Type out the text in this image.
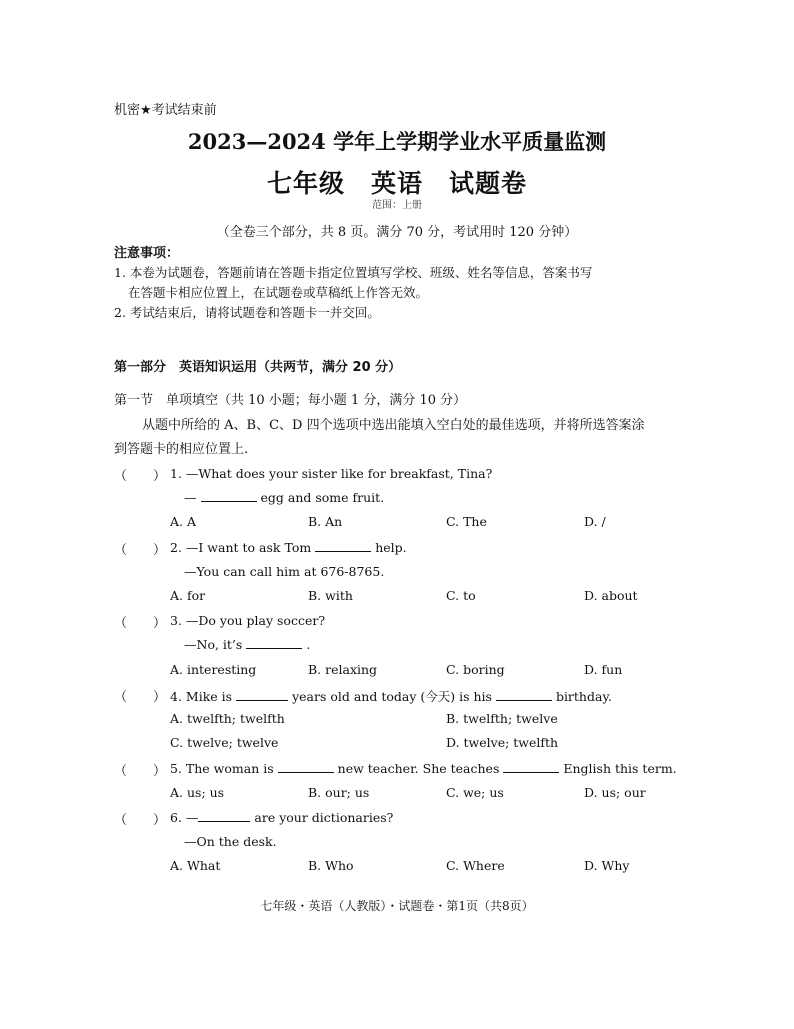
机密★考试结束前
2023—2024 学年上学期学业水平质量监测
七年级　英语　试题卷
范围：上册
（全卷三个部分，共 8 页。满分 70 分，考试用时 120 分钟）
注意事项：
1. 本卷为试题卷，答题前请在答题卡指定位置填写学校、班级、姓名等信息，答案书写
在答题卡相应位置上，在试题卷或草稿纸上作答无效。
2. 考试结束后，请将试题卷和答题卡一并交回。
第一部分　英语知识运用（共两节，满分 20 分）
第一节　单项填空（共 10 小题；每小题 1 分，满分 10 分）
从题中所给的 A、B、C、D 四个选项中选出能填入空白处的最佳选项，并将所选答案涂
到答题卡的相应位置上.
（　　） 1. —What does your sister like for breakfast, Tina?
—	egg and some fruit.
A. A	B. An	C. The	D. /
（　　） 2. —I want to ask Tom	help.
—You can call him at 676-8765.
A. for	B. with	C. to	D. about
（　　） 3. —Do you play soccer?
—No, it’s	.
A. interesting	B. relaxing	C. boring	D. fun
（　　） 4. Mike is	years old and today (今天) is his	birthday.
A. twelfth; twelfth	B. twelfth; twelve
C. twelve; twelve	D. twelve; twelfth
（　　） 5. The woman is	new teacher. She teaches	English this term.
A. us; us	B. our; us	C. we; us	D. us; our
（　　） 6. —	are your dictionaries?
—On the desk.
A. What	B. Who	C. Where	D. Why
七年级・英语（人教版）・试题卷・第1页（共8页）
